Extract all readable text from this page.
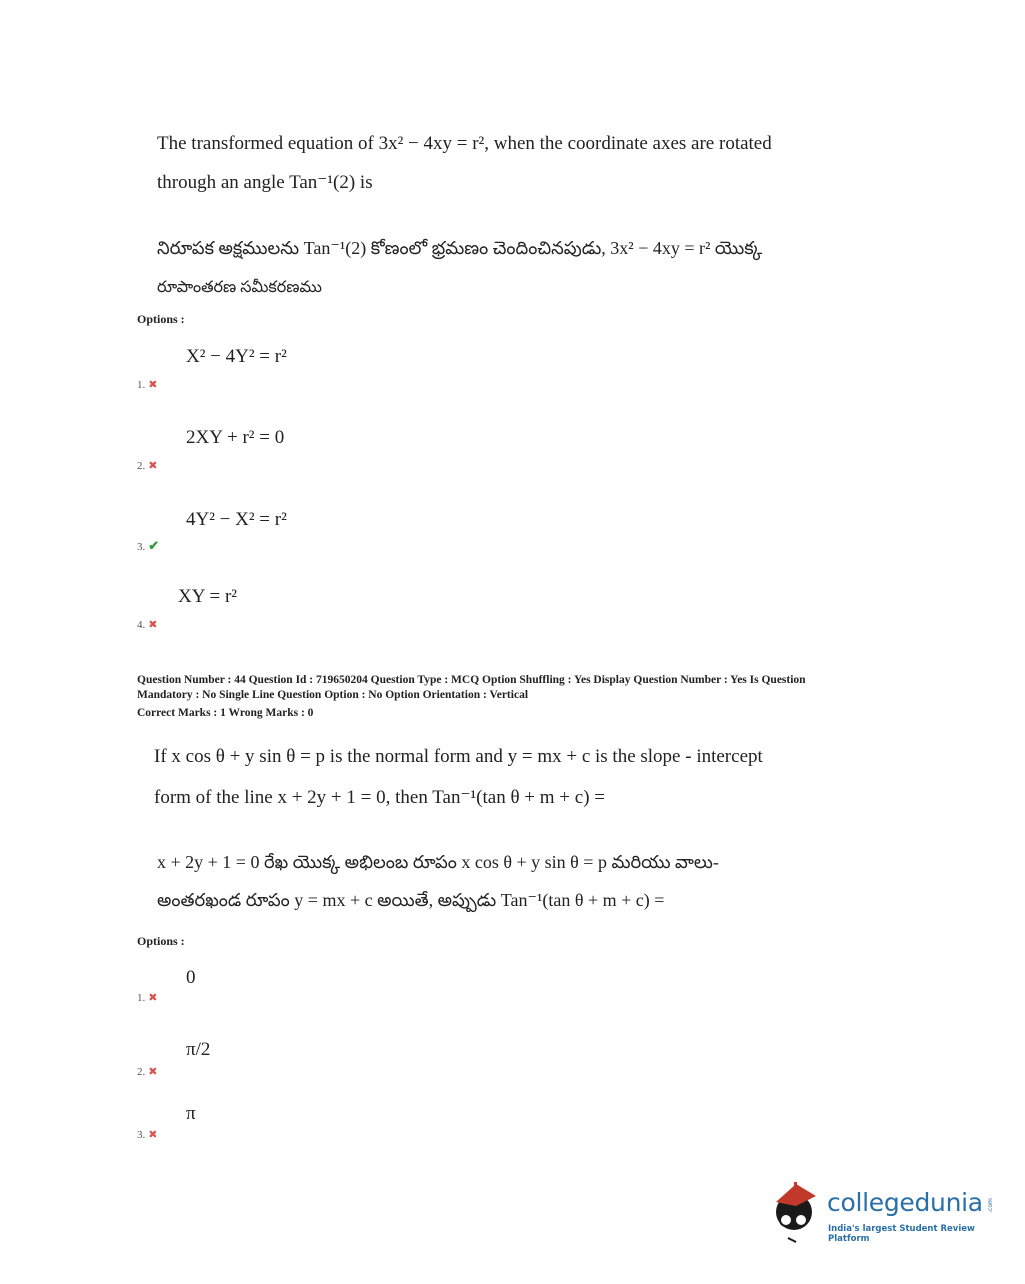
The transformed equation of 3x² − 4xy = r², when the coordinate axes are rotated
through an angle Tan⁻¹(2) is
నిరూపక అక్షములను Tan⁻¹(2) కోణంలో భ్రమణం చెందించినపుడు, 3x² − 4xy = r² యొక్క
రూపాంతరణ సమీకరణము
Options :
X² − 4Y² = r²
1. ✖
2XY + r² = 0
2. ✖
4Y² − X² = r²
3. ✔
XY = r²
4. ✖
Question Number : 44 Question Id : 719650204 Question Type : MCQ Option Shuffling : Yes Display Question Number : Yes Is Question
Mandatory : No Single Line Question Option : No Option Orientation : Vertical
Correct Marks : 1 Wrong Marks : 0
If x cos θ + y sin θ = p is the normal form and y = mx + c is the slope - intercept
form of the line x + 2y + 1 = 0, then Tan⁻¹(tan θ + m + c) =
x + 2y + 1 = 0 రేఖ యొక్క అభిలంబ రూపం x cos θ + y sin θ = p మరియు వాలు-
అంతరఖండ రూపం y = mx + c అయితే, అప్పుడు Tan⁻¹(tan θ + m + c) =
Options :
0
1. ✖
π/2
2. ✖
π
3. ✖
collegedunia .com
India's largest Student Review Platform
